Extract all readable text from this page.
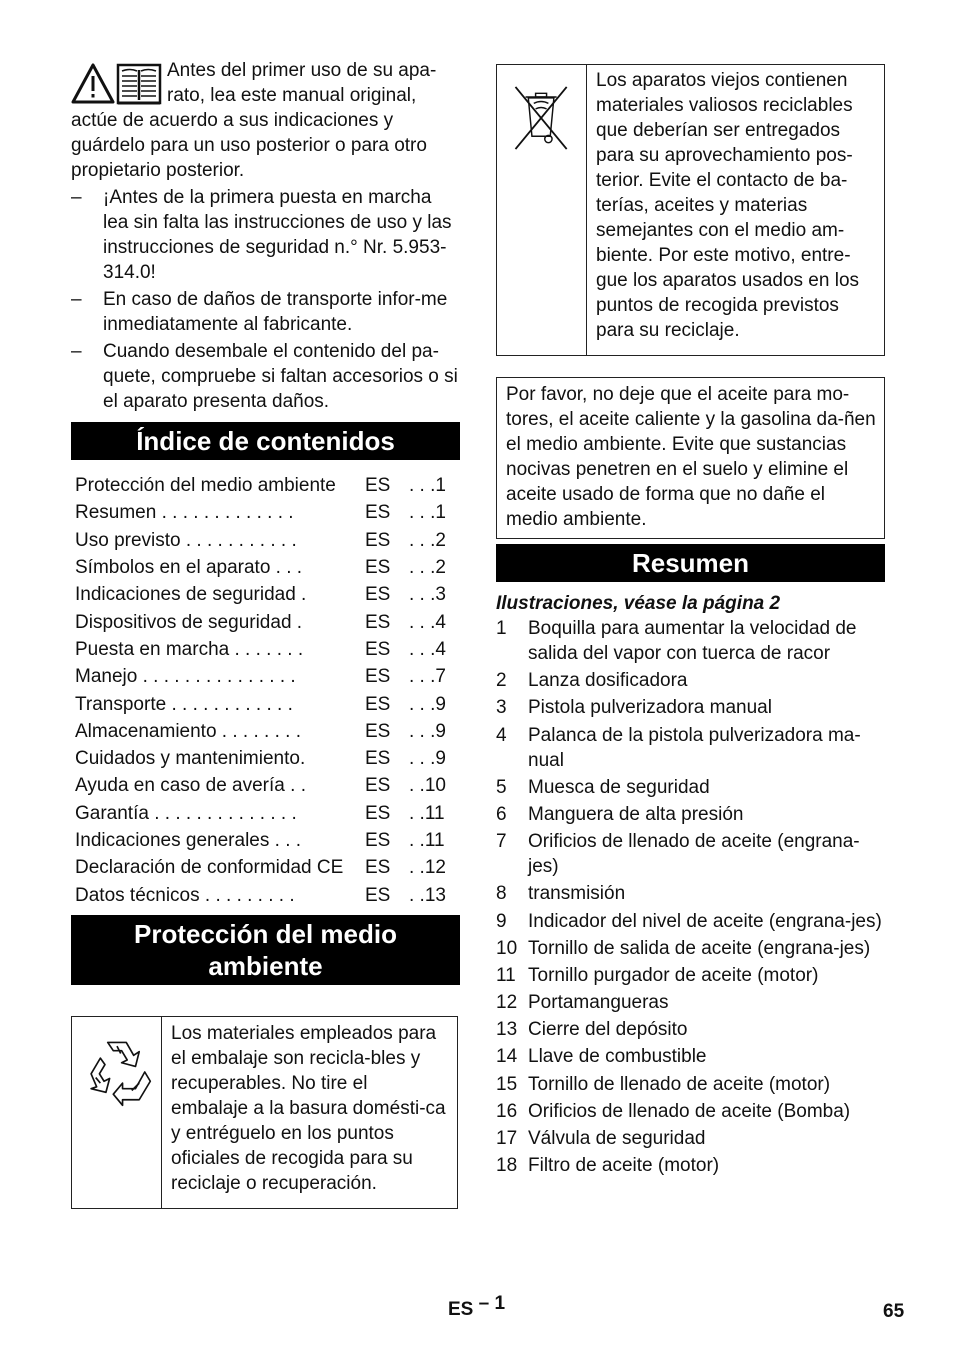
Antes del primer uso de su apa-

rato, lea este manual original,

actúe de acuerdo a sus indicaciones y guárdelo para un uso posterior o para otro propietario posterior.

– ¡Antes de la primera puesta en marcha lea sin falta las instrucciones de uso y las instrucciones de seguridad n.° Nr. 5.953-314.0!
– En caso de daños de transporte infor-me inmediatamente al fabricante.
– Cuando desembale el contenido del pa-quete, compruebe si faltan accesorios o si el aparato presenta daños.
Índice de contenidos
Protección del medio ambiente	ES	. . .1
Resumen . . . . . . . . . . . . .	ES	. . .1
Uso previsto . . . . . . . . . . .	ES	. . .2
Símbolos en el aparato . . .	ES	. . .2
Indicaciones de seguridad .	ES	. . .3
Dispositivos de seguridad .	ES	. . .4
Puesta en marcha . . . . . . .	ES	. . .4
Manejo . . . . . . . . . . . . . . .	ES	. . .7
Transporte . . . . . . . . . . . .	ES	. . .9
Almacenamiento . . . . . . . .	ES	. . .9
Cuidados y mantenimiento.	ES	. . .9
Ayuda en caso de avería . .	ES	. .10
Garantía . . . . . . . . . . . . . .	ES	. .11
Indicaciones generales . . .	ES	. .11
Declaración de conformidad CE	ES	. .12
Datos técnicos . . . . . . . . .	ES	. .13
Protección del medio
ambiente
Los materiales empleados para el embalaje son recicla-bles y recuperables. No tire el embalaje a la basura domésti-ca y entréguelo en los puntos oficiales de recogida para su reciclaje o recuperación.
Los aparatos viejos contienen materiales valiosos reciclables que deberían ser entregados para su aprovechamiento pos-terior. Evite el contacto de ba-terías, aceites y materias semejantes con el medio am-biente. Por este motivo, entre-gue los aparatos usados en los puntos de recogida previstos para su reciclaje.

Por favor, no deje que el aceite para mo-tores, el aceite caliente y la gasolina da-ñen el medio ambiente. Evite que sustancias nocivas penetren en el suelo y elimine el aceite usado de forma que no dañe el medio ambiente.

Resumen

Ilustraciones, véase la página 2

1 Boquilla para aumentar la velocidad de salida del vapor con tuerca de racor
2 Lanza dosificadora
3 Pistola pulverizadora manual
4 Palanca de la pistola pulverizadora ma-nual
5 Muesca de seguridad
6 Manguera de alta presión
7 Orificios de llenado de aceite (engrana-jes)
8 transmisión
9 Indicador del nivel de aceite (engrana-jes)
10 Tornillo de salida de aceite (engrana-jes)
11 Tornillo purgador de aceite (motor)
12 Portamangueras
13 Cierre del depósito
14 Llave de combustible
15 Tornillo de llenado de aceite (motor)
16 Orificios de llenado de aceite (Bomba)
17 Válvula de seguridad
18 Filtro de aceite (motor)
ES – 1	65
